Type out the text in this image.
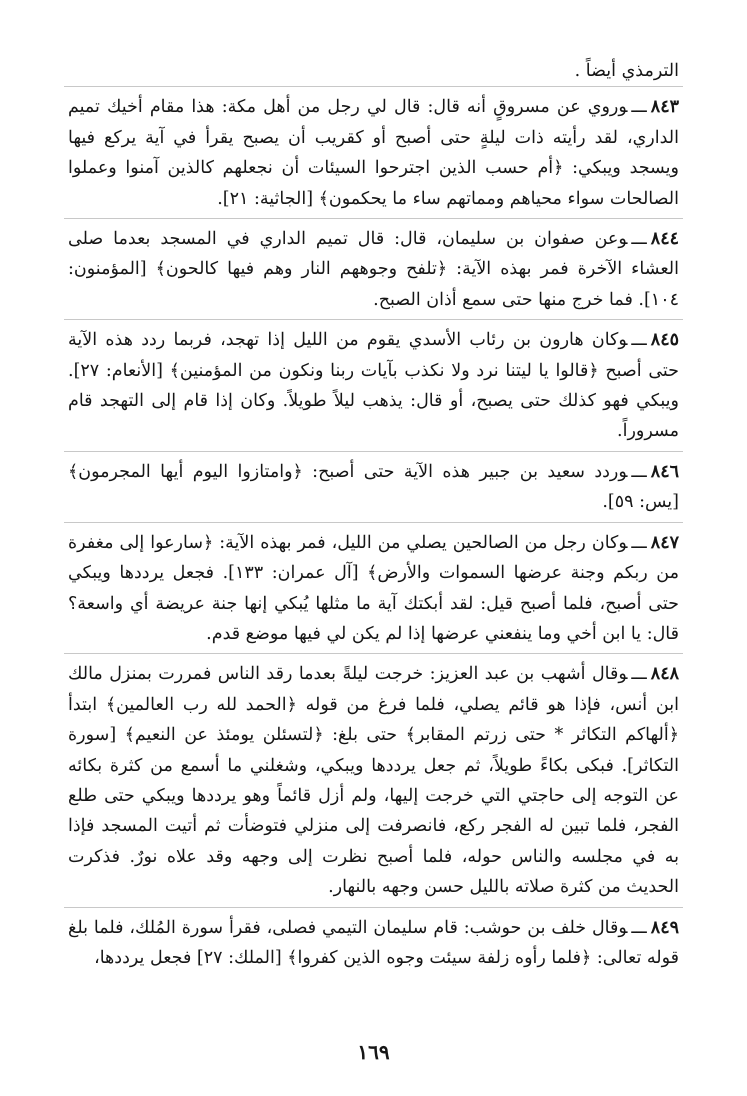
الترمذي أيضاً .

٨٤٣ـــوروي عن مسروقٍ أنه قال: قال لي رجل من أهل مكة: هذا مقام أخيك تميم الداري، لقد رأيته ذات ليلةٍ حتى أصبح أو كقريب أن يصبح يقرأ في آية يركع فيها ويسجد ويبكي: ﴿أم حسب الذين اجترحوا السيئات أن نجعلهم كالذين آمنوا وعملوا الصالحات سواء محياهم ومماتهم ساء ما يحكمون﴾ [الجاثية: ٢١].

٨٤٤ـــوعن صفوان بن سليمان، قال: قال تميم الداري في المسجد بعدما صلى العشاء الآخرة فمر بهذه الآية: ﴿تلفح وجوههم النار وهم فيها كالحون﴾ [المؤمنون: ١٠٤]. فما خرج منها حتى سمع أذان الصبح.

٨٤٥ـــوكان هارون بن رئاب الأسدي يقوم من الليل إذا تهجد، فربما ردد هذه الآية حتى أصبح ﴿قالوا يا ليتنا نرد ولا نكذب بآيات ربنا ونكون من المؤمنين﴾ [الأنعام: ٢٧]. ويبكي فهو كذلك حتى يصبح، أو قال: يذهب ليلاً طويلاً. وكان إذا قام إلى التهجد قام مسروراً.

٨٤٦ـــوردد سعيد بن جبير هذه الآية حتى أصبح: ﴿وامتازوا اليوم أيها المجرمون﴾ [يس: ٥٩].

٨٤٧ـــوكان رجل من الصالحين يصلي من الليل، فمر بهذه الآية: ﴿سارعوا إلى مغفرة من ربكم وجنة عرضها السموات والأرض﴾ [آل عمران: ١٣٣]. فجعل يرددها ويبكي حتى أصبح، فلما أصبح قيل: لقد أبكتك آية ما مثلها يُبكي إنها جنة عريضة أي واسعة؟ قال: يا ابن أخي وما ينفعني عرضها إذا لم يكن لي فيها موضع قدم.

٨٤٨ـــوقال أشهب بن عبد العزيز: خرجت ليلةً بعدما رقد الناس فمررت بمنزل مالك ابن أنس، فإذا هو قائم يصلي، فلما فرغ من قوله ﴿الحمد لله رب العالمين﴾ ابتدأ ﴿ألهاكم التكاثر * حتى زرتم المقابر﴾ حتى بلغ: ﴿لتسئلن يومئذ عن النعيم﴾ [سورة التكاثر]. فبكى بكاءً طويلاً، ثم جعل يرددها ويبكي، وشغلني ما أسمع من كثرة بكائه عن التوجه إلى حاجتي التي خرجت إليها، ولم أزل قائماً وهو يرددها ويبكي حتى طلع الفجر، فلما تبين له الفجر ركع، فانصرفت إلى منزلي فتوضأت ثم أتيت المسجد فإذا به في مجلسه والناس حوله، فلما أصبح نظرت إلى وجهه وقد علاه نورٌ. فذكرت الحديث من كثرة صلاته بالليل حسن وجهه بالنهار.

٨٤٩ـــوقال خلف بن حوشب: قام سليمان التيمي فصلى، فقرأ سورة المُلك، فلما بلغ قوله تعالى: ﴿فلما رأوه زلفة سيئت وجوه الذين كفروا﴾ [الملك: ٢٧] فجعل يرددها،

١٦٩
